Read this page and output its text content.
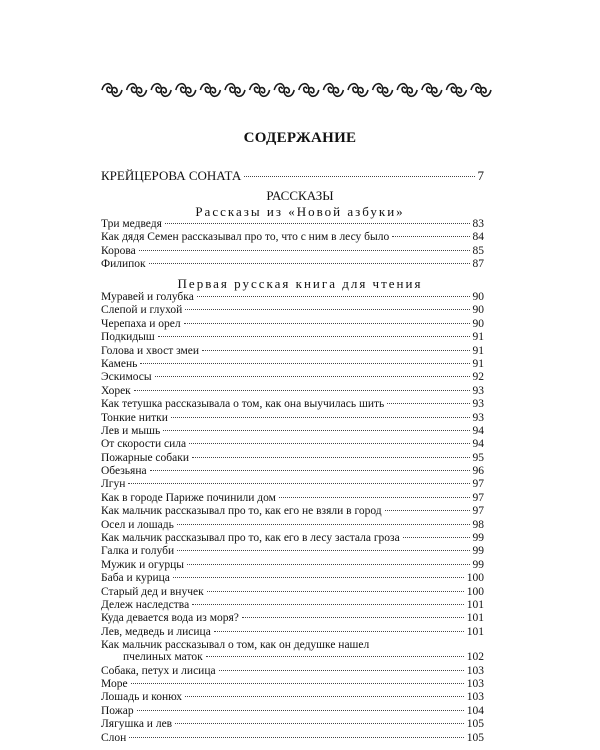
СОДЕРЖАНИЕ
КРЕЙЦЕРОВА СОНАТА	7
РАССКАЗЫ
Рассказы из «Новой азбуки»
Три медведя	83
Как дядя Семен рассказывал про то, что с ним в лесу было	84
Корова	85
Филипок	87
Первая русская книга для чтения
Муравей и голубка	90
Слепой и глухой	90
Черепаха и орел	90
Подкидыш	91
Голова и хвост змеи	91
Камень	91
Эскимосы	92
Хорек	93
Как тетушка рассказывала о том, как она выучилась шить	93
Тонкие нитки	93
Лев и мышь	94
От скорости сила	94
Пожарные собаки	95
Обезьяна	96
Лгун	97
Как в городе Париже починили дом	97
Как мальчик рассказывал про то, как его не взяли в город	97
Осел и лошадь	98
Как мальчик рассказывал про то, как его в лесу застала гроза	99
Галка и голуби	99
Мужик и огурцы	99
Баба и курица	100
Старый дед и внучек	100
Дележ наследства	101
Куда девается вода из моря?	101
Лев, медведь и лисица	101
Как мальчик рассказывал о том, как он дедушке нашел
пчелиных маток	102
Собака, петух и лисица	103
Море	103
Лошадь и конюх	103
Пожар	104
Лягушка и лев	105
Слон	105
